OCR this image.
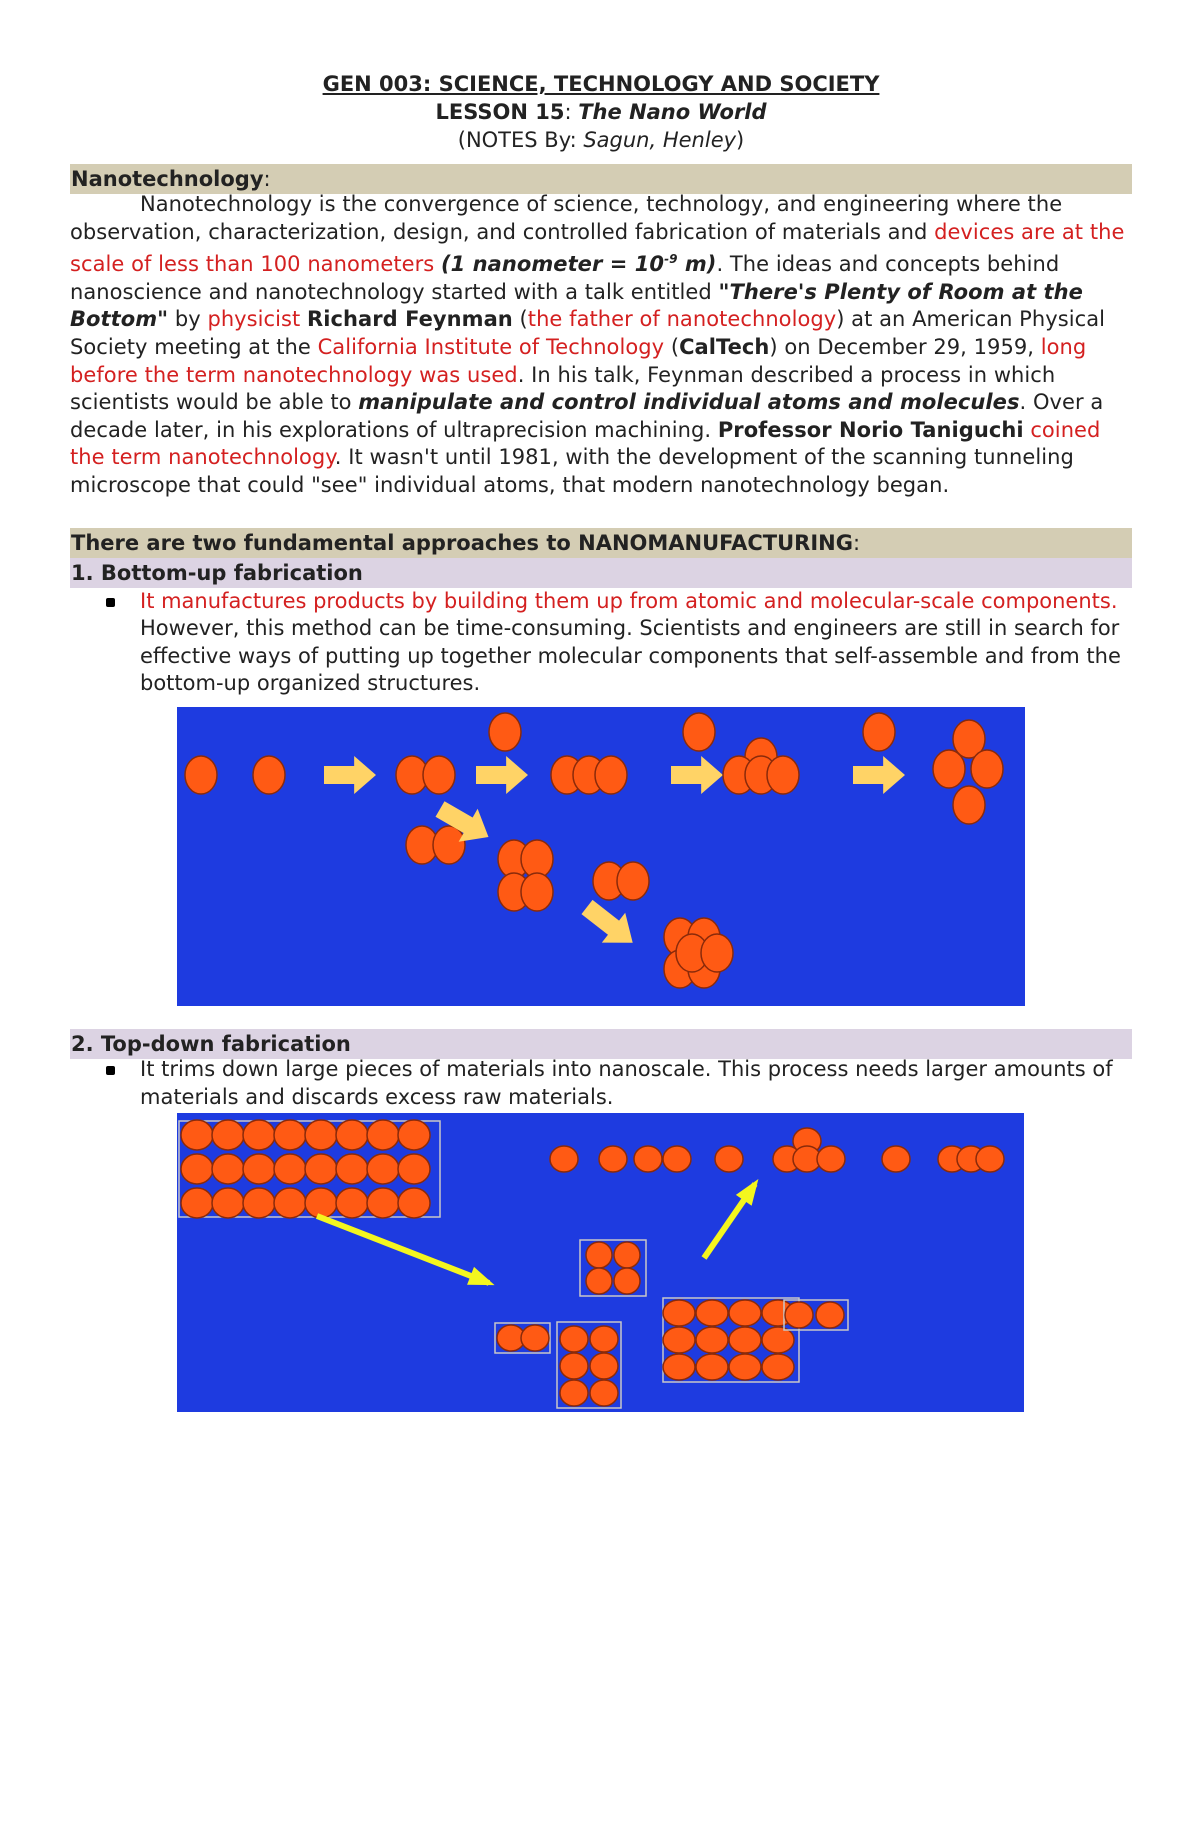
GEN 003: SCIENCE, TECHNOLOGY AND SOCIETY
LESSON 15: The Nano World
(NOTES By: Sagun, Henley)
Nanotechnology:

Nanotechnology is the convergence of science, technology, and engineering where the observation, characterization, design, and controlled fabrication of materials and devices are at the scale of less than 100 nanometers (1 nanometer = $10^{-9}$ m). The ideas and concepts behind nanoscience and nanotechnology started with a talk entitled "There's Plenty of Room at the Bottom" by physicist Richard Feynman (the father of nanotechnology) at an American Physical Society meeting at the California Institute of Technology (CalTech) on December 29, 1959, long before the term nanotechnology was used. In his talk, Feynman described a process in which scientists would be able to manipulate and control individual atoms and molecules. Over a decade later, in his explorations of ultraprecision machining. Professor Norio Taniguchi coined the term nanotechnology. It wasn't until 1981, with the development of the scanning tunneling microscope that could "see" individual atoms, that modern nanotechnology began.

There are two fundamental approaches to NANOMANUFACTURING:
1. Bottom-up fabrication
It manufactures products by building them up from atomic and molecular-scale components. However, this method can be time-consuming. Scientists and engineers are still in search for effective ways of putting up together molecular components that self-assemble and from the bottom-up organized structures.
2. Top-down fabrication
It trims down large pieces of materials into nanoscale. This process needs larger amounts of materials and discards excess raw materials.
